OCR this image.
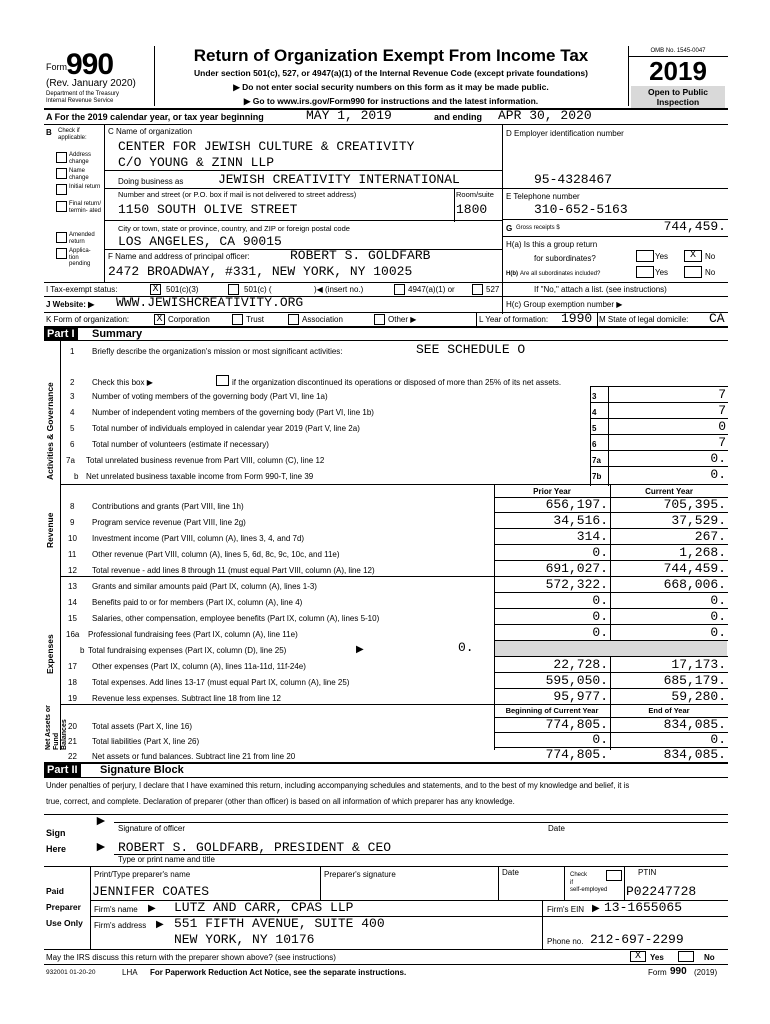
Form 990
(Rev. January 2020)
Department of the Treasury
Internal Revenue Service
Return of Organization Exempt From Income Tax
Under section 501(c), 527, or 4947(a)(1) of the Internal Revenue Code (except private foundations)
▶ Do not enter social security numbers on this form as it may be made public.
▶ Go to www.irs.gov/Form990 for instructions and the latest information.
OMB No. 1545-0047
2019
Open to Public
Inspection
A For the 2019 calendar year, or tax year beginning	MAY 1, 2019	and ending APR 30, 2020
B Check if
applicable:
Address change
Name change
Initial return
Final return/ termin- ated
Amended return
Applica- tion pending
C Name of organization
CENTER FOR JEWISH CULTURE & CREATIVITY
C/O YOUNG & ZINN LLP
Doing business as	JEWISH CREATIVITY INTERNATIONAL
Number and street (or P.O. box if mail is not delivered to street address)	Room/suite
1150 SOUTH OLIVE STREET	1800
City or town, state or province, country, and ZIP or foreign postal code
LOS ANGELES, CA 90015
F Name and address of principal officer:	ROBERT S. GOLDFARB
2472 BROADWAY, #331, NEW YORK, NY 10025
D Employer identification number
95-4328467
E Telephone number
310-652-5163
G Gross receipts $	744,459.
H(a) Is this a group return
for subordinates?	Yes	X	No
H(b) Are all subordinates included?	Yes	No
I Tax-exempt status:	X 501(c)(3)	501(c) (	)◀ (insert no.)	4947(a)(1) or	527	If "No," attach a list. (see instructions)
J Website: ▶ WWW.JEWISHCREATIVITY.ORG	H(c) Group exemption number ▶
K Form of organization:	X Corporation	Trust	Association	Other ▶	L Year of formation: 1990 M State of legal domicile: CA
Part I Summary
Activities & Governance
1 Briefly describe the organization's mission or most significant activities:	SEE SCHEDULE O
2 Check this box ▶	if the organization discontinued its operations or disposed of more than 25% of its net assets.
3 Number of voting members of the governing body (Part VI, line 1a)	3	7
4 Number of independent voting members of the governing body (Part VI, line 1b)	4	7
5 Total number of individuals employed in calendar year 2019 (Part V, line 2a)	5	0
6 Total number of volunteers (estimate if necessary)	6	7
7a Total unrelated business revenue from Part VIII, column (C), line 12	7a	0.
b Net unrelated business taxable income from Form 990-T, line 39	7b	0.
Prior Year	Current Year
Revenue
8 Contributions and grants (Part VIII, line 1h)	656,197.	705,395.
9 Program service revenue (Part VIII, line 2g)	34,516.	37,529.
10 Investment income (Part VIII, column (A), lines 3, 4, and 7d)	314.	267.
11 Other revenue (Part VIII, column (A), lines 5, 6d, 8c, 9c, 10c, and 11e)	0.	1,268.
12 Total revenue - add lines 8 through 11 (must equal Part VIII, column (A), line 12)	691,027.	744,459.
Expenses
13 Grants and similar amounts paid (Part IX, column (A), lines 1-3)	572,322.	668,006.
14 Benefits paid to or for members (Part IX, column (A), line 4)	0.	0.
15 Salaries, other compensation, employee benefits (Part IX, column (A), lines 5-10)	0.	0.
16a Professional fundraising fees (Part IX, column (A), line 11e)	0.	0.
b Total fundraising expenses (Part IX, column (D), line 25)	▶	0.
17 Other expenses (Part IX, column (A), lines 11a-11d, 11f-24e)	22,728.	17,173.
18 Total expenses. Add lines 13-17 (must equal Part IX, column (A), line 25)	595,050.	685,179.
19 Revenue less expenses. Subtract line 18 from line 12	95,977.	59,280.
Net Assets or Fund Balances
Beginning of Current Year	End of Year
20 Total assets (Part X, line 16)	774,805.	834,085.
21 Total liabilities (Part X, line 26)	0.	0.
22 Net assets or fund balances. Subtract line 21 from line 20	774,805.	834,085.
Part II Signature Block
Under penalties of perjury, I declare that I have examined this return, including accompanying schedules and statements, and to the best of my knowledge and belief, it is
true, correct, and complete. Declaration of preparer (other than officer) is based on all information of which preparer has any knowledge.
Sign
Here
►
►
Signature of officer	Date
ROBERT S. GOLDFARB, PRESIDENT & CEO
Type or print name and title
Paid
Preparer
Use Only
Print/Type preparer's name	Preparer's signature	Date	Check
if
self-employed
PTIN
JENNIFER COATES	P02247728
Firm's name ▶ LUTZ AND CARR, CPAS LLP	Firm's EIN ▶ 13-1655065
Firm's address ▶ 551 FIFTH AVENUE, SUITE 400
NEW YORK, NY 10176	Phone no. 212-697-2299
May the IRS discuss this return with the preparer shown above? (see instructions)	X	Yes	No
932001 01-20-20	LHA For Paperwork Reduction Act Notice, see the separate instructions.	Form 990 (2019)
